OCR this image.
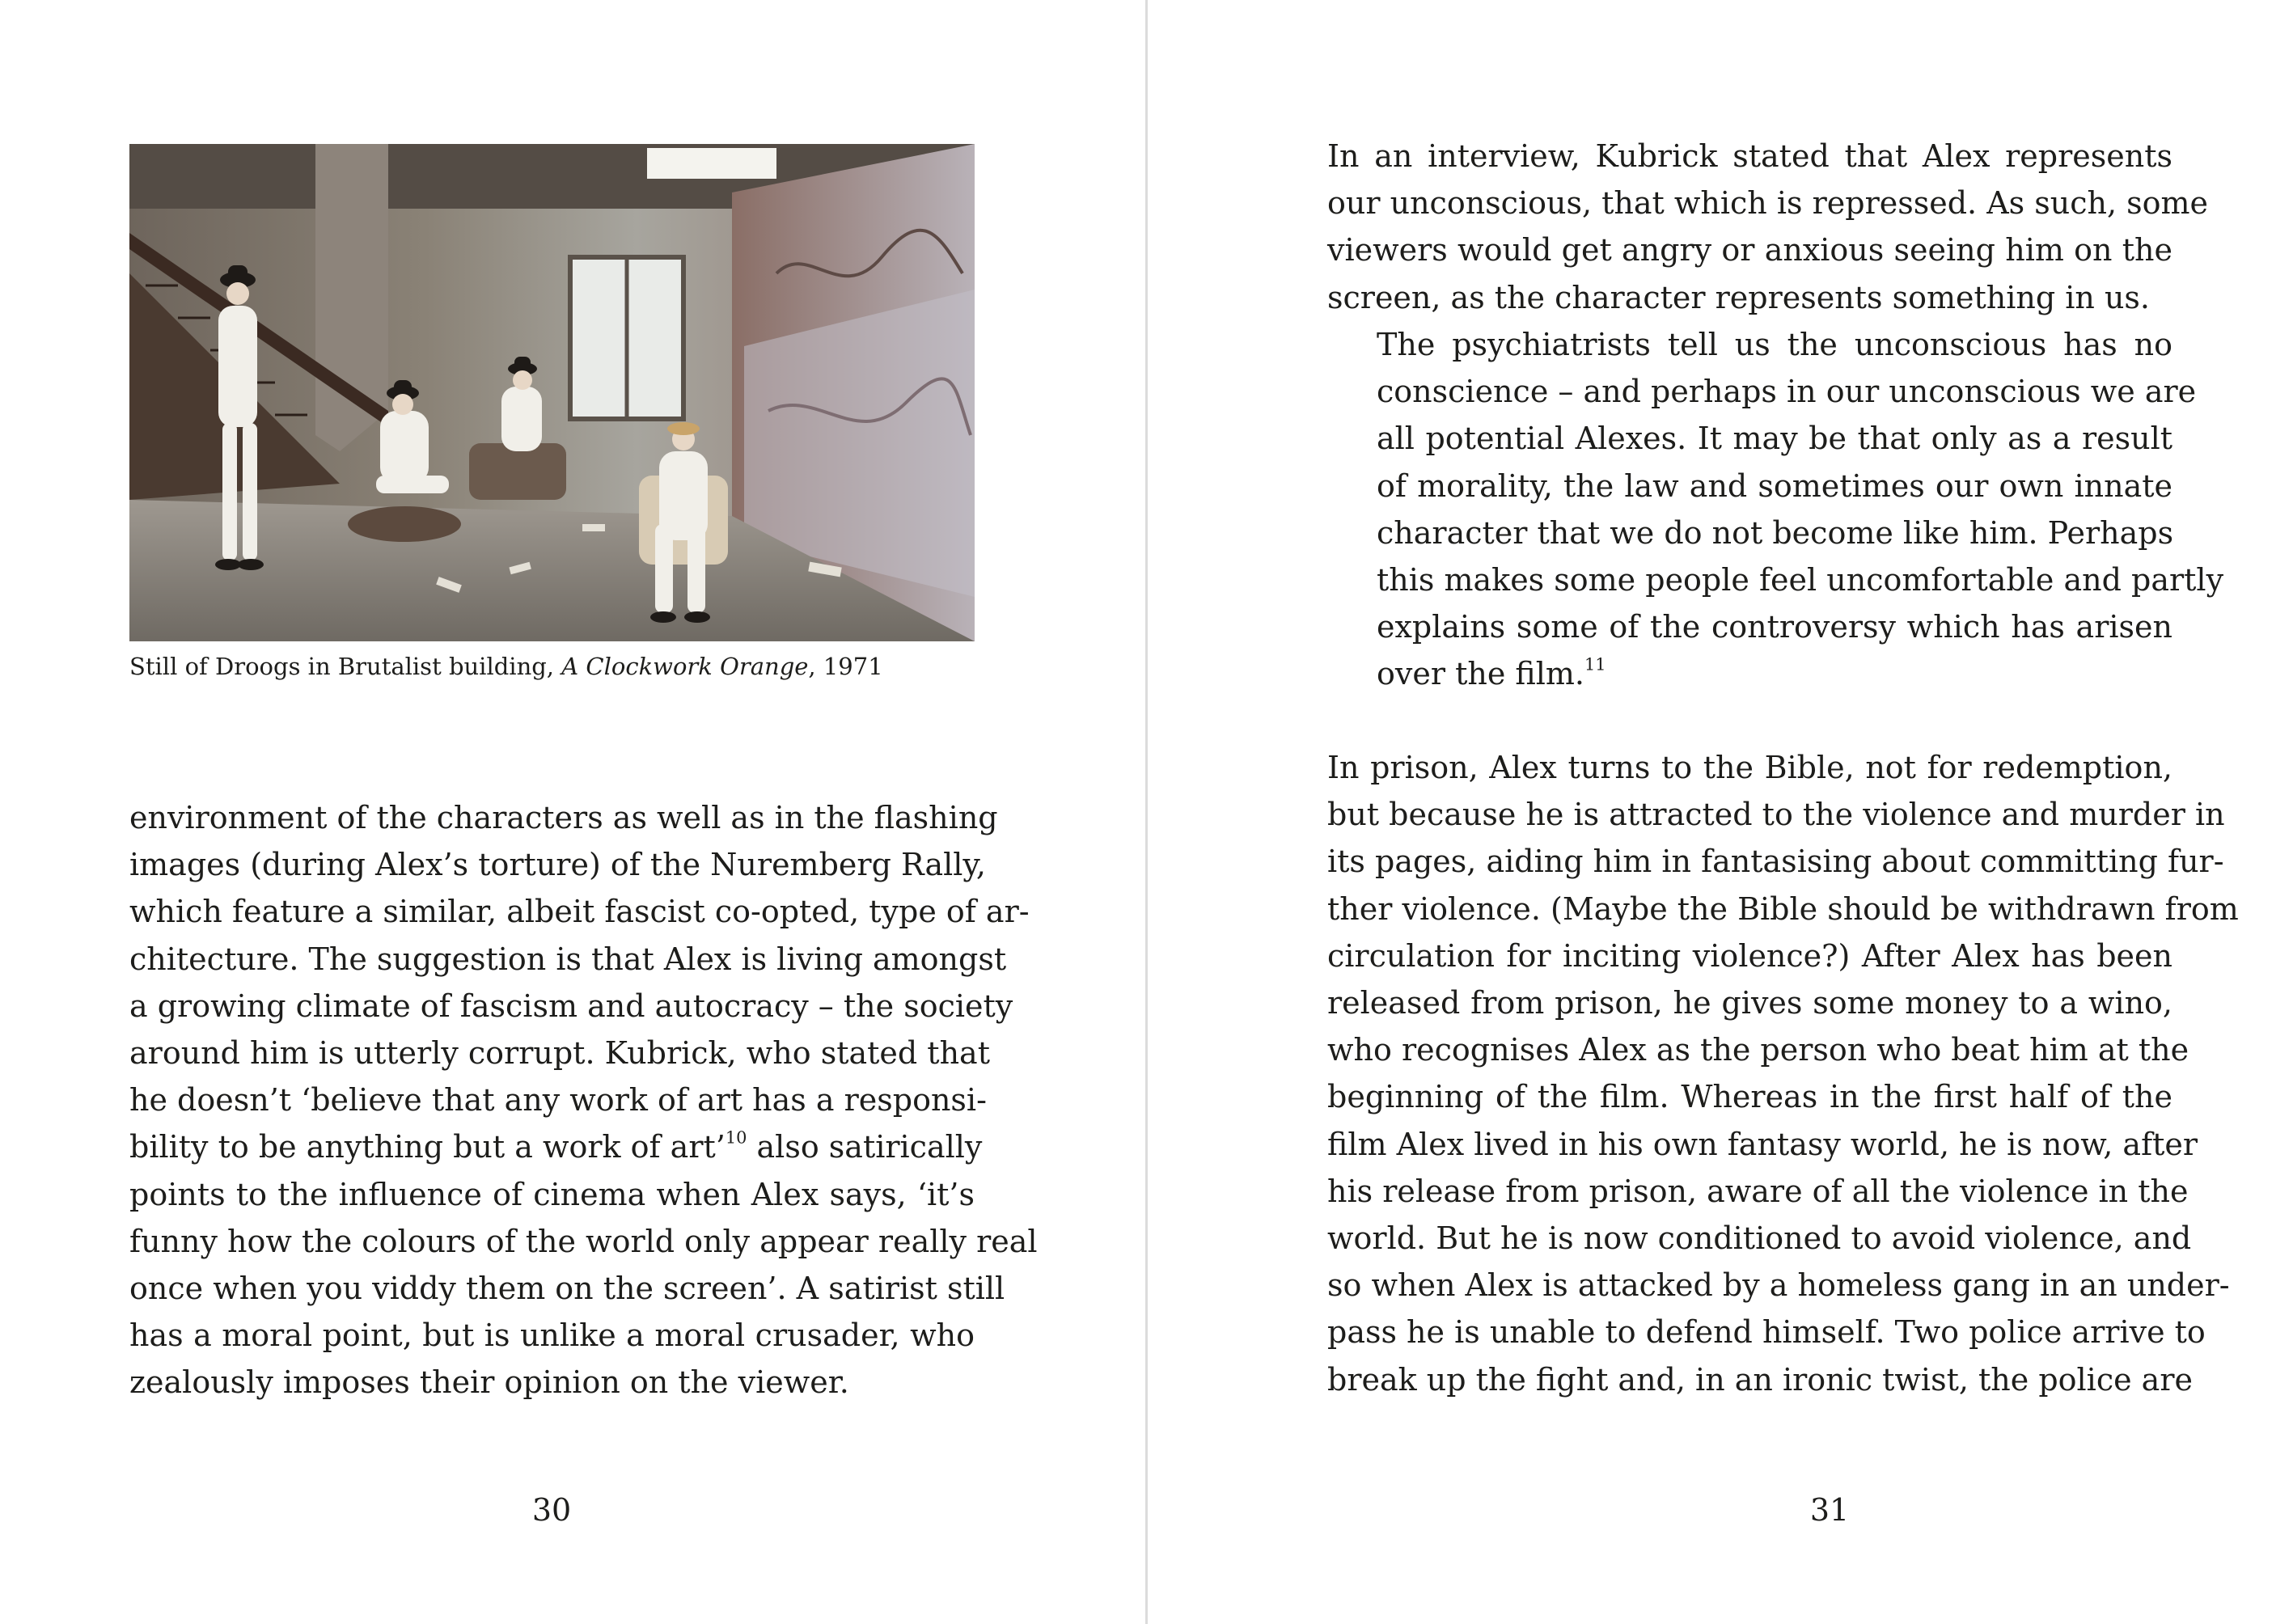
Still of Droogs in Brutalist building, A Clockwork Orange, 1971
environment of the characters as well as in the flashing
images (during Alex’s torture) of the Nuremberg Rally,
which feature a similar, albeit fascist co-opted, type of ar-
chitecture. The suggestion is that Alex is living amongst
a growing climate of fascism and autocracy – the society
around him is utterly corrupt. Kubrick, who stated that
he doesn’t ‘believe that any work of art has a responsi-
bility to be anything but a work of art’$^{10}$ also satirically
points to the influence of cinema when Alex says, ‘it’s
funny how the colours of the world only appear really real
once when you viddy them on the screen’. A satirist still
has a moral point, but is unlike a moral crusader, who
zealously imposes their opinion on the viewer.
30
In an interview, Kubrick stated that Alex represents
our unconscious, that which is repressed. As such, some
viewers would get angry or anxious seeing him on the
screen, as the character represents something in us.
The psychiatrists tell us the unconscious has no
conscience – and perhaps in our unconscious we are
all potential Alexes. It may be that only as a result
of morality, the law and sometimes our own innate
character that we do not become like him. Perhaps
this makes some people feel uncomfortable and partly
explains some of the controversy which has arisen
over the film.$^{11}$
In prison, Alex turns to the Bible, not for redemption,
but because he is attracted to the violence and murder in
its pages, aiding him in fantasising about committing fur-
ther violence. (Maybe the Bible should be withdrawn from
circulation for inciting violence?) After Alex has been
released from prison, he gives some money to a wino,
who recognises Alex as the person who beat him at the
beginning of the film. Whereas in the first half of the
film Alex lived in his own fantasy world, he is now, after
his release from prison, aware of all the violence in the
world. But he is now conditioned to avoid violence, and
so when Alex is attacked by a homeless gang in an under-
pass he is unable to defend himself. Two police arrive to
break up the fight and, in an ironic twist, the police are
31
